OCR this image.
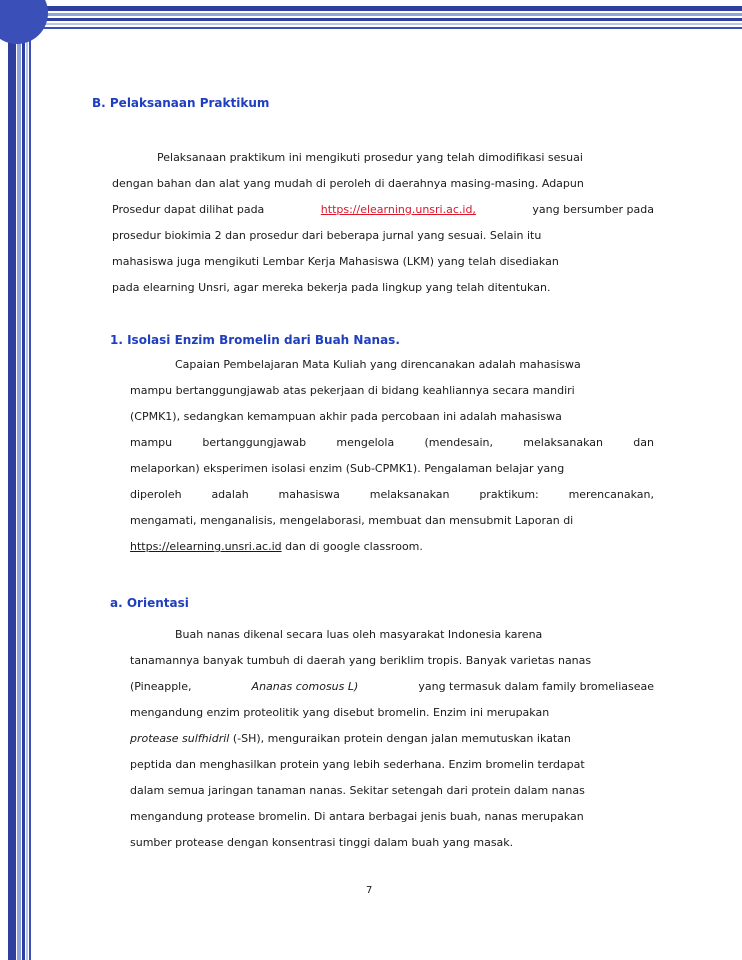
B. Pelaksanaan Praktikum
Pelaksanaan praktikum ini mengikuti prosedur yang telah dimodifikasi sesuai
dengan bahan dan alat yang mudah di peroleh di daerahnya masing-masing. Adapun
Prosedur dapat dilihat pada	https://elearning.unsri.ac.id,	yang bersumber pada
prosedur biokimia 2 dan prosedur dari beberapa jurnal yang sesuai. Selain itu
mahasiswa juga mengikuti Lembar Kerja Mahasiswa (LKM) yang telah disediakan
pada elearning Unsri, agar mereka bekerja pada lingkup yang telah ditentukan.
1. Isolasi Enzim Bromelin dari Buah Nanas.
Capaian Pembelajaran Mata Kuliah yang direncanakan adalah mahasiswa
mampu bertanggungjawab atas pekerjaan di bidang keahliannya secara mandiri
(CPMK1), sedangkan kemampuan akhir pada percobaan ini adalah mahasiswa
mampu	bertanggungjawab	mengelola	(mendesain,	melaksanakan	dan
melaporkan) eksperimen isolasi enzim (Sub-CPMK1). Pengalaman belajar yang
diperoleh	adalah	mahasiswa	melaksanakan	praktikum:	merencanakan,
mengamati, menganalisis, mengelaborasi, membuat dan mensubmit Laporan di
https://elearning.unsri.ac.id dan di google classroom.
a. Orientasi
Buah nanas dikenal secara luas oleh masyarakat Indonesia karena
tanamannya banyak tumbuh di daerah yang beriklim tropis. Banyak varietas nanas
(Pineapple,	Ananas comosus L)	yang termasuk dalam family bromeliaseae
mengandung enzim proteolitik yang disebut bromelin. Enzim ini merupakan
protease sulfhidril (-SH), menguraikan protein dengan jalan memutuskan ikatan
peptida dan menghasilkan protein yang lebih sederhana. Enzim bromelin terdapat
dalam semua jaringan tanaman nanas. Sekitar setengah dari protein dalam nanas
mengandung protease bromelin. Di antara berbagai jenis buah, nanas merupakan
sumber protease dengan konsentrasi tinggi dalam buah yang masak.
7
